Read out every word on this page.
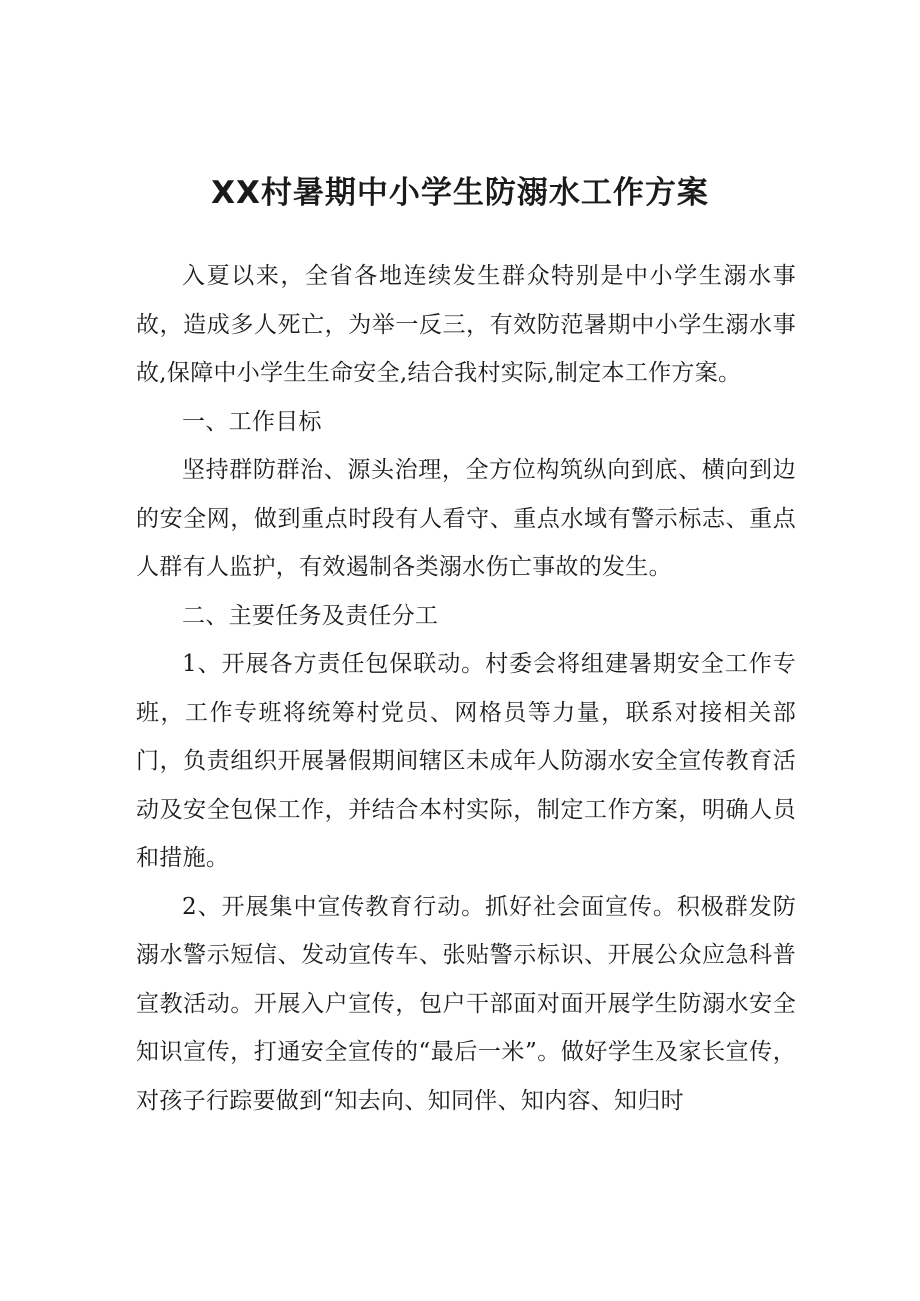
XX村暑期中小学生防溺水工作方案

入夏以来，全省各地连续发生群众特别是中小学生溺水事故，造成多人死亡，为举一反三，有效防范暑期中小学生溺水事故,保障中小学生生命安全,结合我村实际,制定本工作方案。

一、工作目标

坚持群防群治、源头治理，全方位构筑纵向到底、横向到边的安全网，做到重点时段有人看守、重点水域有警示标志、重点人群有人监护，有效遏制各类溺水伤亡事故的发生。

二、主要任务及责任分工

1、开展各方责任包保联动。村委会将组建暑期安全工作专班，工作专班将统筹村党员、网格员等力量，联系对接相关部门，负责组织开展暑假期间辖区未成年人防溺水安全宣传教育活动及安全包保工作，并结合本村实际，制定工作方案，明确人员和措施。

2、开展集中宣传教育行动。抓好社会面宣传。积极群发防溺水警示短信、发动宣传车、张贴警示标识、开展公众应急科普宣教活动。开展入户宣传，包户干部面对面开展学生防溺水安全知识宣传，打通安全宣传的“最后一米”。做好学生及家长宣传，对孩子行踪要做到“知去向、知同伴、知内容、知归时
